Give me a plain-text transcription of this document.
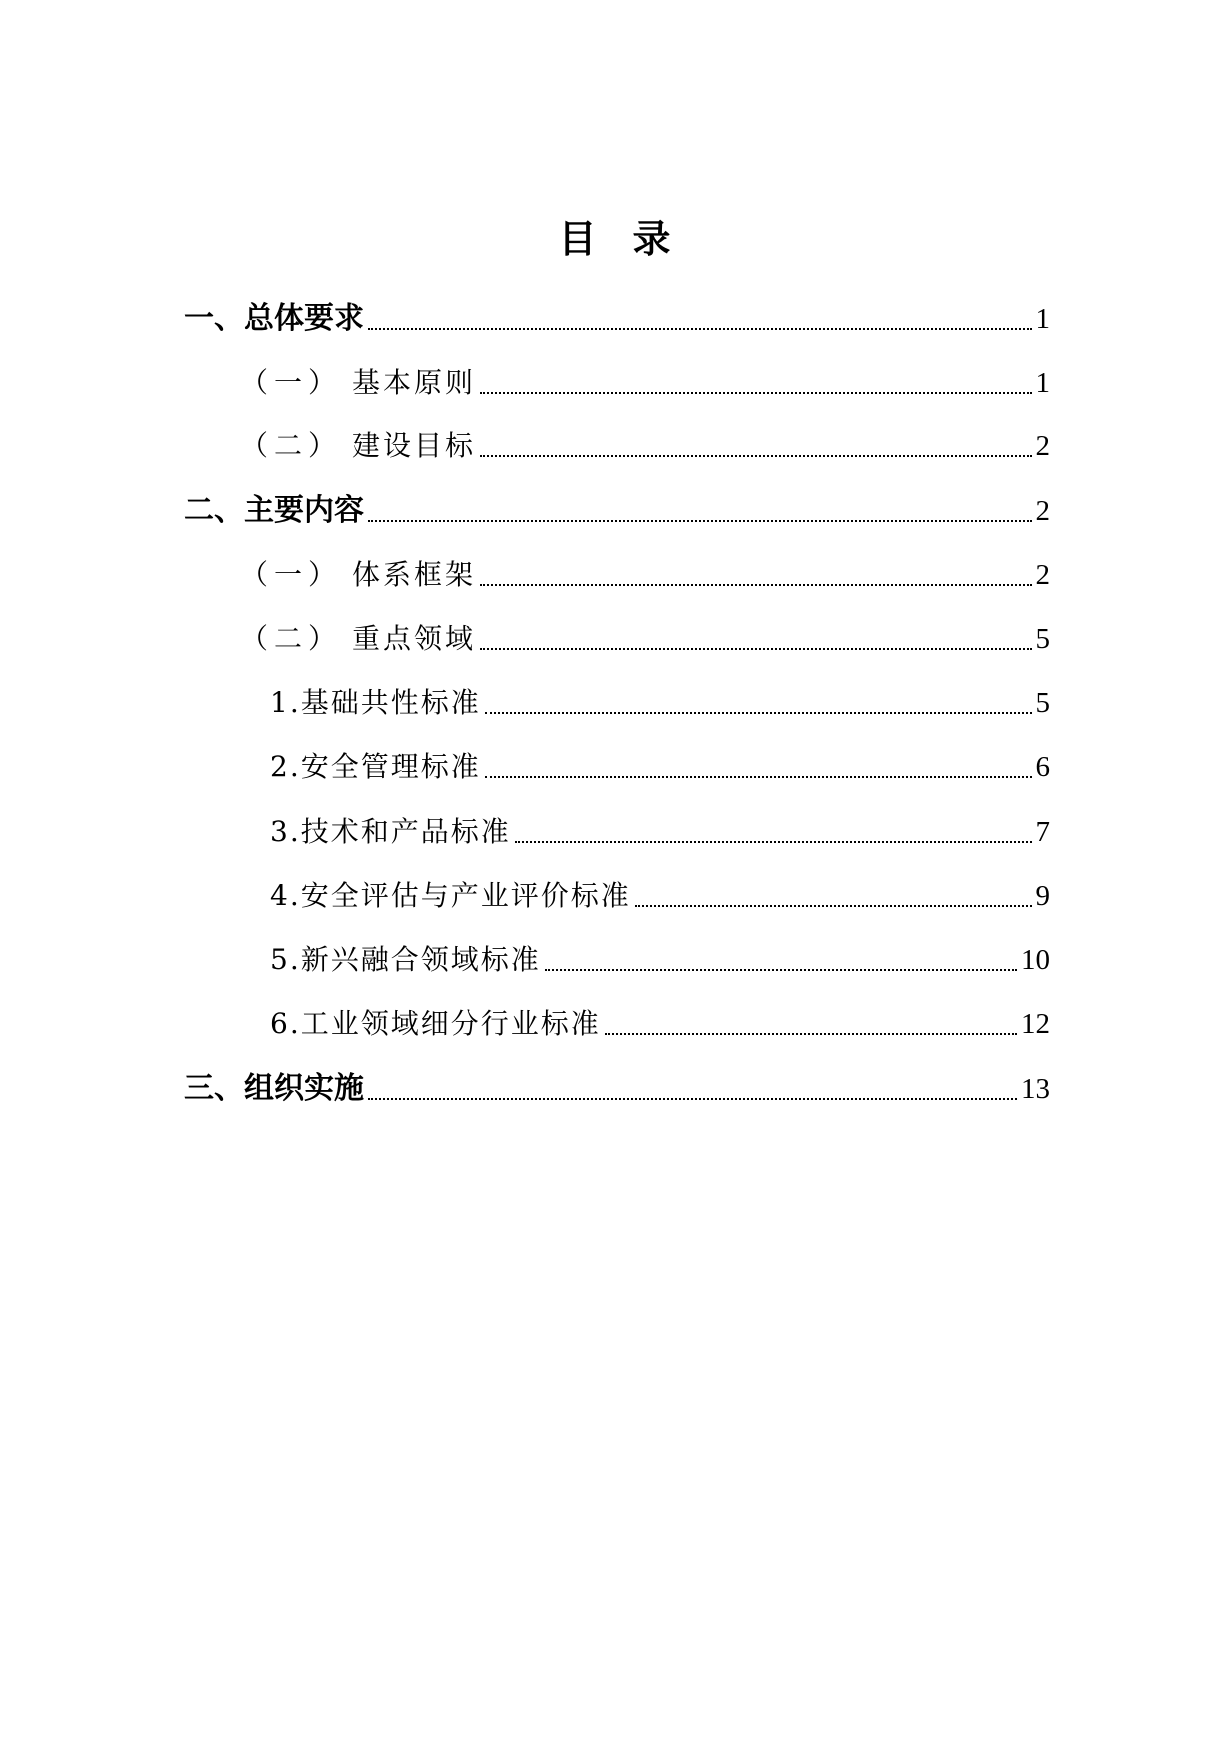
目 录
一、总体要求	1
（一） 基本原则	1
（二） 建设目标	2
二、主要内容	2
（一） 体系框架	2
（二） 重点领域	5
1.基础共性标准	5
2.安全管理标准	6
3.技术和产品标准	7
4.安全评估与产业评价标准	9
5.新兴融合领域标准	10
6.工业领域细分行业标准	12
三、组织实施	13
